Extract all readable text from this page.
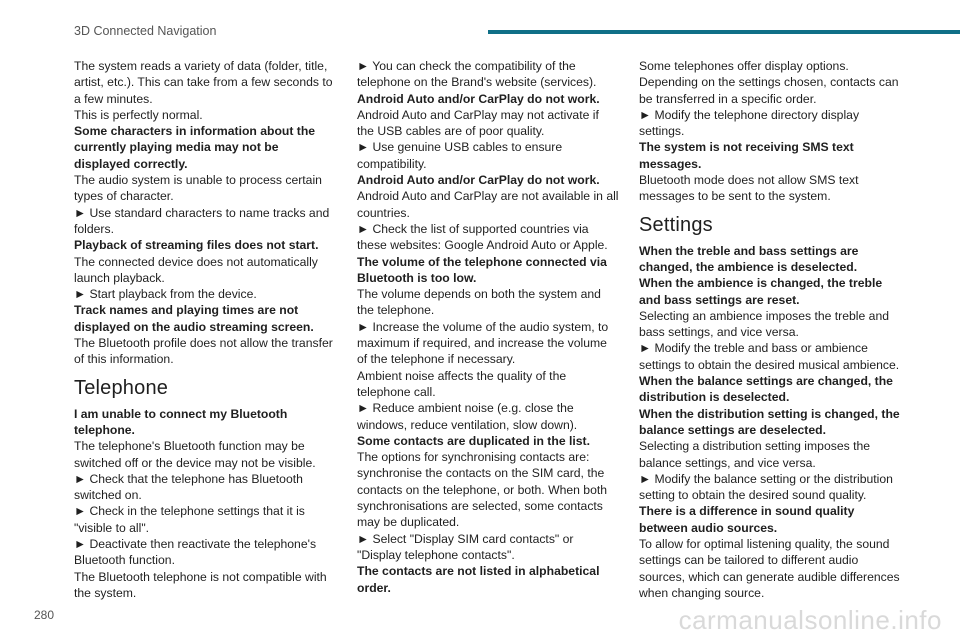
3D Connected Navigation

The system reads a variety of data (folder, title, artist, etc.). This can take from a few seconds to a few minutes.

This is perfectly normal.

Some characters in information about the currently playing media may not be displayed correctly.

The audio system is unable to process certain types of character.

► Use standard characters to name tracks and folders.

Playback of streaming files does not start.

The connected device does not automatically launch playback.

► Start playback from the device.

Track names and playing times are not displayed on the audio streaming screen.

The Bluetooth profile does not allow the transfer of this information.

Telephone

I am unable to connect my Bluetooth telephone.

The telephone's Bluetooth function may be switched off or the device may not be visible.

► Check that the telephone has Bluetooth switched on.

► Check in the telephone settings that it is "visible to all".

► Deactivate then reactivate the telephone's Bluetooth function.

The Bluetooth telephone is not compatible with the system.

► You can check the compatibility of the telephone on the Brand's website (services).

Android Auto and/or CarPlay do not work.

Android Auto and CarPlay may not activate if the USB cables are of poor quality.

► Use genuine USB cables to ensure compatibility.

Android Auto and/or CarPlay do not work.

Android Auto and CarPlay are not available in all countries.

► Check the list of supported countries via these websites: Google Android Auto or Apple.

The volume of the telephone connected via Bluetooth is too low.

The volume depends on both the system and the telephone.

► Increase the volume of the audio system, to maximum if required, and increase the volume of the telephone if necessary.

Ambient noise affects the quality of the telephone call.

► Reduce ambient noise (e.g. close the windows, reduce ventilation, slow down).

Some contacts are duplicated in the list.

The options for synchronising contacts are: synchronise the contacts on the SIM card, the contacts on the telephone, or both. When both synchronisations are selected, some contacts may be duplicated.

► Select "Display SIM card contacts" or "Display telephone contacts".

The contacts are not listed in alphabetical order.

Some telephones offer display options. Depending on the settings chosen, contacts can be transferred in a specific order.

► Modify the telephone directory display settings.

The system is not receiving SMS text messages.

Bluetooth mode does not allow SMS text messages to be sent to the system.

Settings

When the treble and bass settings are changed, the ambience is deselected.

When the ambience is changed, the treble and bass settings are reset.

Selecting an ambience imposes the treble and bass settings, and vice versa.

► Modify the treble and bass or ambience settings to obtain the desired musical ambience.

When the balance settings are changed, the distribution is deselected.

When the distribution setting is changed, the balance settings are deselected.

Selecting a distribution setting imposes the balance settings, and vice versa.

► Modify the balance setting or the distribution setting to obtain the desired sound quality.

There is a difference in sound quality between audio sources.

To allow for optimal listening quality, the sound settings can be tailored to different audio sources, which can generate audible differences when changing source.

280	carmanualsonline.info
